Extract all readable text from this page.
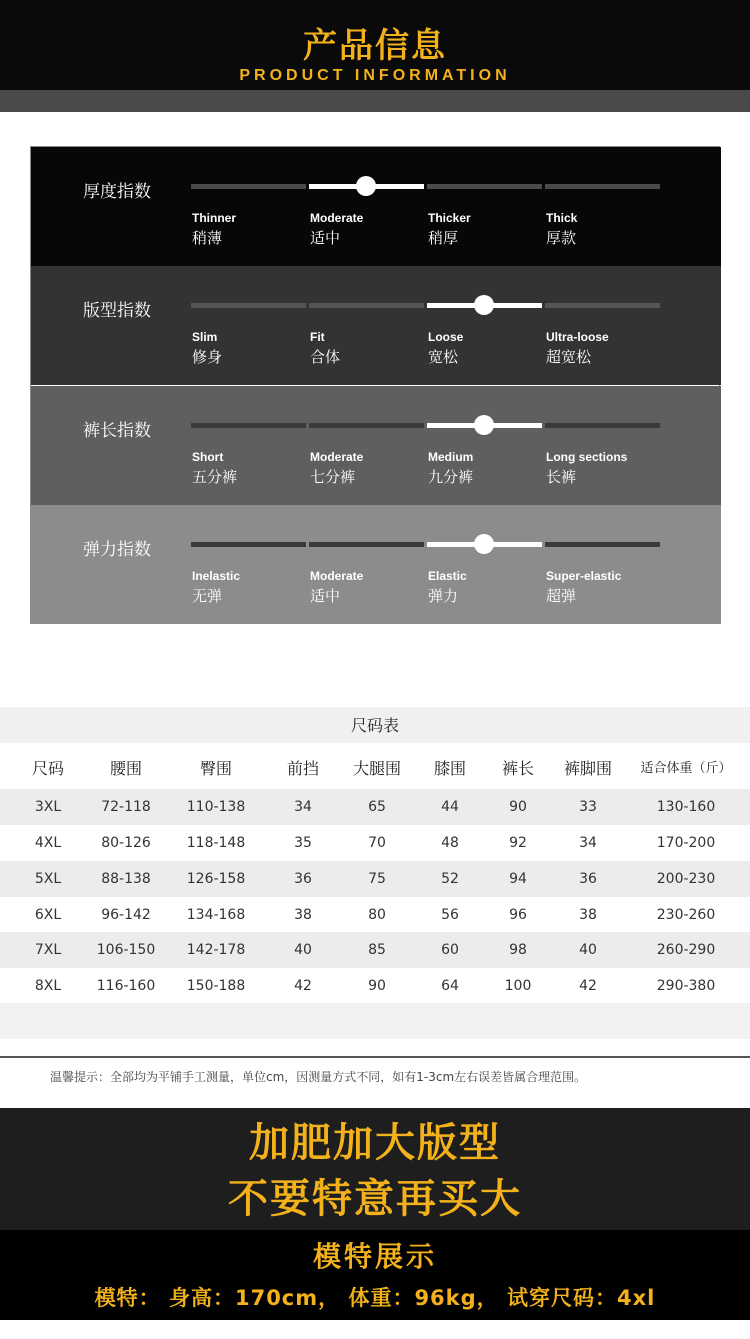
产品信息
PRODUCT INFORMATION
厚度指数
Thinner
稍薄
Moderate
适中
Thicker
稍厚
Thick
厚款
版型指数
Slim
修身
Fit
合体
Loose
宽松
Ultra-loose
超宽松
裤长指数
Short
五分裤
Moderate
七分裤
Medium
九分裤
Long sections
长裤
弹力指数
Inelastic
无弹
Moderate
适中
Elastic
弹力
Super-elastic
超弹
尺码表
尺码	腰围	臀围	前挡	大腿围	膝围	裤长	裤脚围	适合体重（斤）
3XL	72-118	110-138	34	65	44	90	33	130-160
4XL	80-126	118-148	35	70	48	92	34	170-200
5XL	88-138	126-158	36	75	52	94	36	200-230
6XL	96-142	134-168	38	80	56	96	38	230-260
7XL	106-150	142-178	40	85	60	98	40	260-290
8XL	116-160	150-188	42	90	64	100	42	290-380
温馨提示：全部均为平铺手工测量，单位cm，因测量方式不同，如有1-3cm左右误差皆属合理范围。
加肥加大版型
不要特意再买大
模特展示
模特： 身高：170cm， 体重：96kg， 试穿尺码：4xl
